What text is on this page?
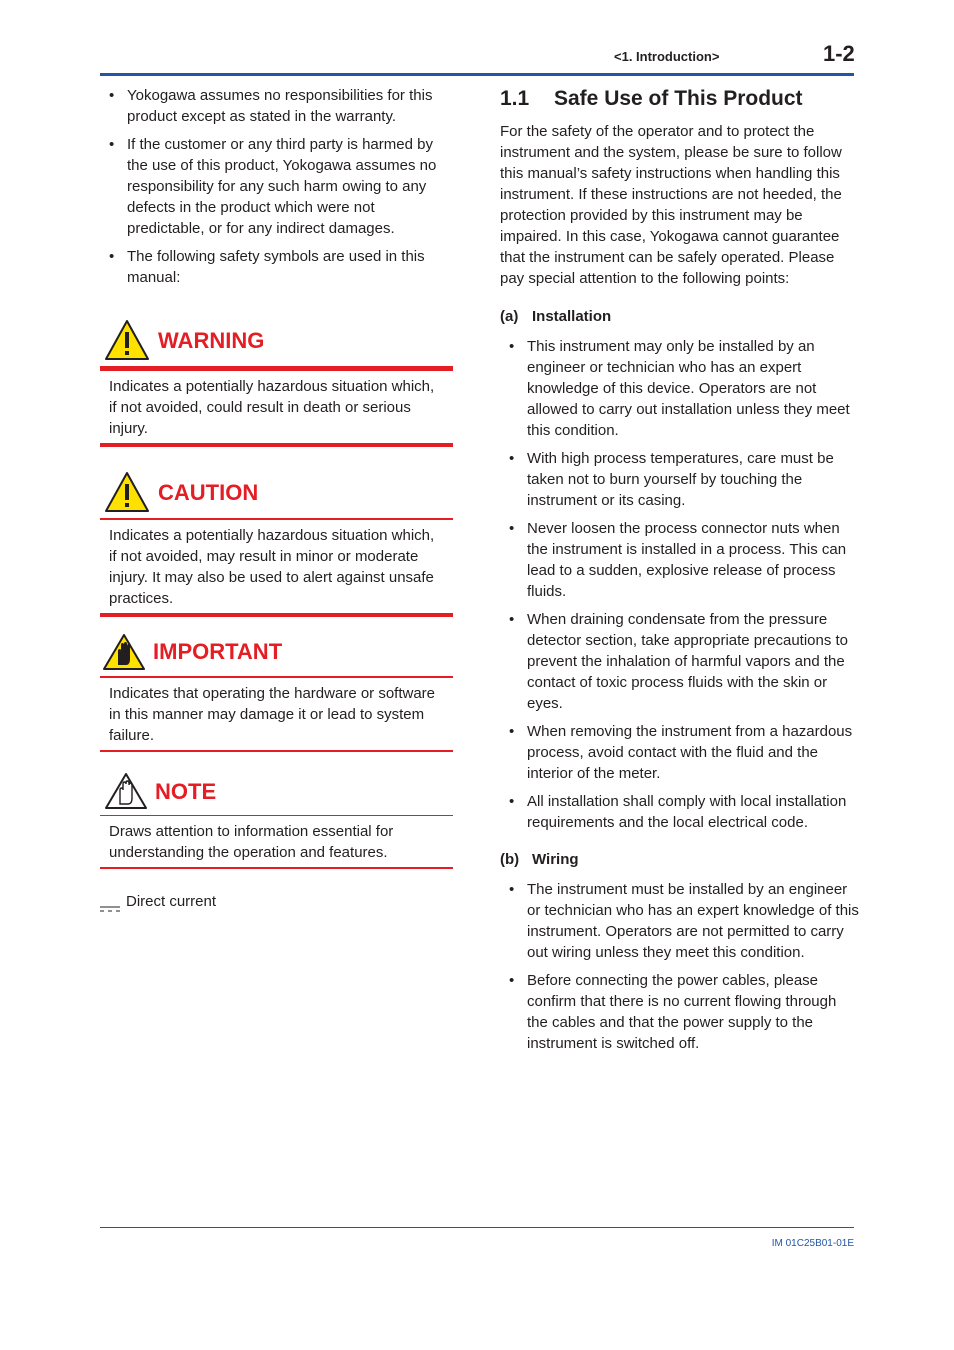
<1. Introduction>	1-2
• Yokogawa assumes no responsibilities for this product except as stated in the warranty.
• If the customer or any third party is harmed by the use of this product, Yokogawa assumes no responsibility for any such harm owing to any defects in the product which were not predictable, or for any indirect damages.
• The following safety symbols are used in this manual:
WARNING
Indicates a potentially hazardous situation which, if not avoided, could result in death or serious injury.
CAUTION
Indicates a potentially hazardous situation which, if not avoided, may result in minor or moderate injury. It may also be used to alert against unsafe practices.
IMPORTANT
Indicates that operating the hardware or software in this manner may damage it or lead to system failure.
NOTE
Draws attention to information essential for understanding the operation and features.
Direct current
1.1 Safe Use of This Product

For the safety of the operator and to protect the instrument and the system, please be sure to follow this manual’s safety instructions when handling this instrument. If these instructions are not heeded, the protection provided by this instrument may be impaired. In this case, Yokogawa cannot guarantee that the instrument can be safely operated. Please pay special attention to the following points:

(a) Installation
• This instrument may only be installed by an engineer or technician who has an expert knowledge of this device. Operators are not allowed to carry out installation unless they meet this condition.
• With high process temperatures, care must be taken not to burn yourself by touching the instrument or its casing.
• Never loosen the process connector nuts when the instrument is installed in a process. This can lead to a sudden, explosive release of process fluids.
• When draining condensate from the pressure detector section, take appropriate precautions to prevent the inhalation of harmful vapors and the contact of toxic process fluids with the skin or eyes.
• When removing the instrument from a hazardous process, avoid contact with the fluid and the interior of the meter.
• All installation shall comply with local installation requirements and the local electrical code.
(b) Wiring
• The instrument must be installed by an engineer or technician who has an expert knowledge of this instrument. Operators are not permitted to carry out wiring unless they meet this condition.
• Before connecting the power cables, please confirm that there is no current flowing through the cables and that the power supply to the instrument is switched off.
IM 01C25B01-01E
